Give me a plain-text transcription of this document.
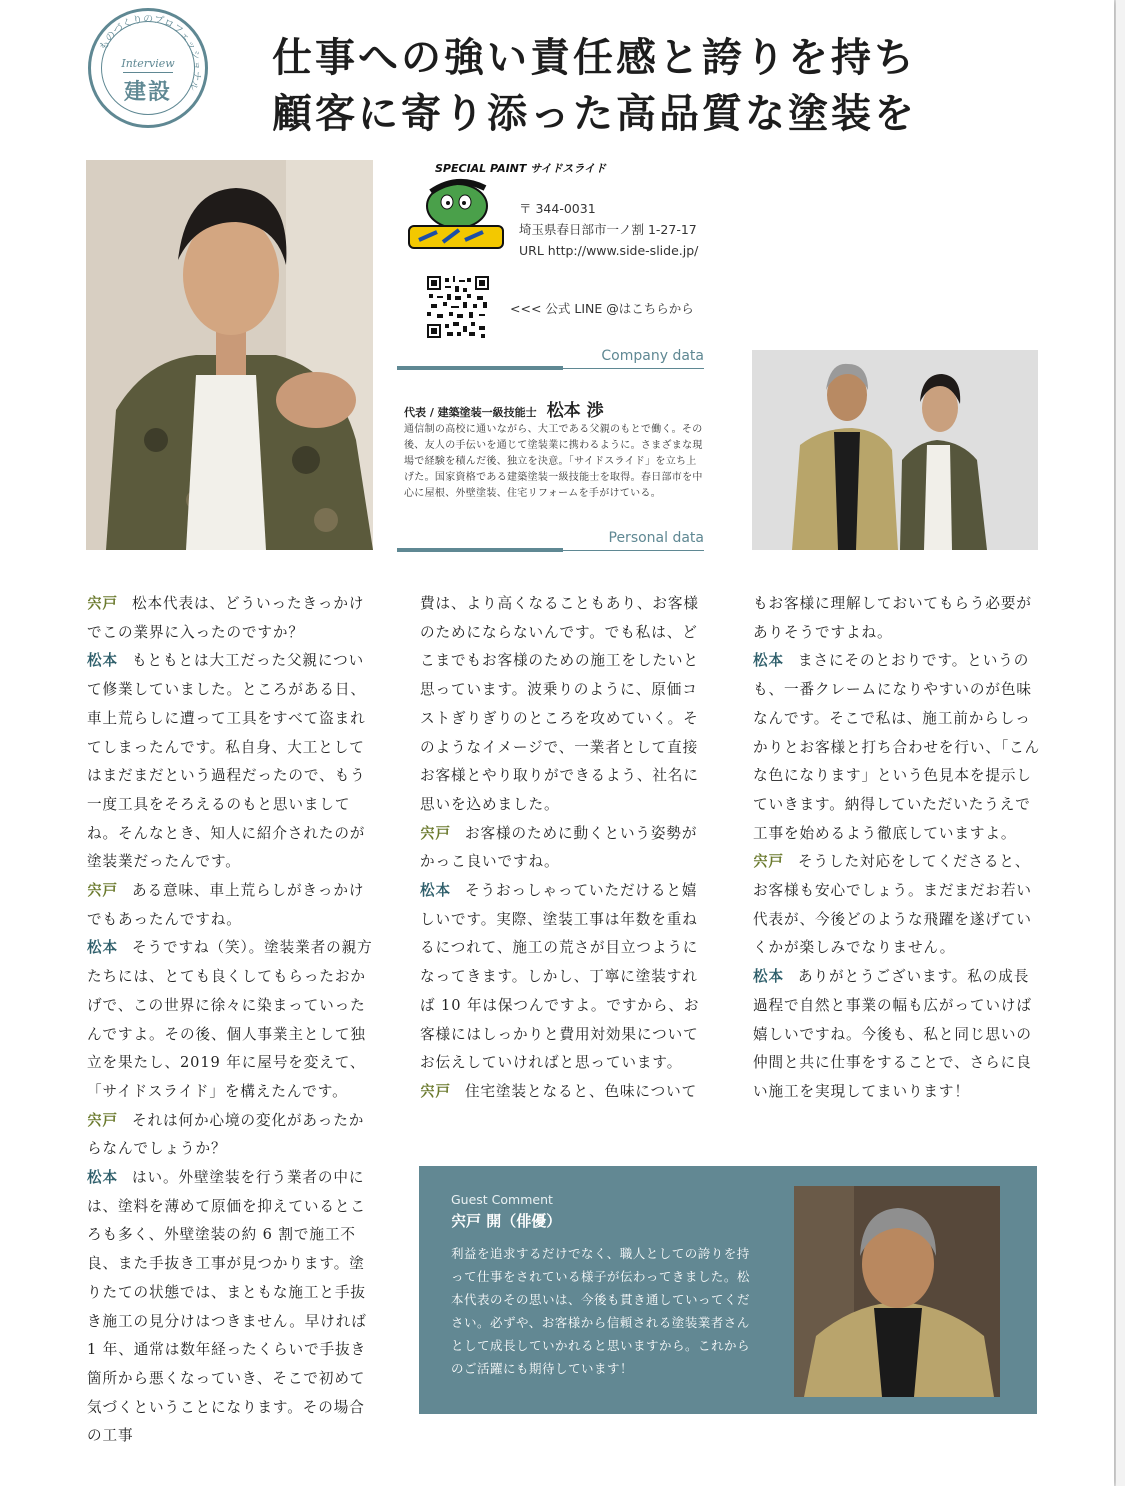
ものづくりのプロフェッショナル
Interview
建設
仕事への強い責任感と誇りを持ち
顧客に寄り添った高品質な塗装を
SPECIAL PAINT サイドスライド
〒 344-0031
埼玉県春日部市一ノ割 1-27-17
URL http://www.side-slide.jp/
<<< 公式 LINE @はこちらから
Company data
代表 / 建築塗装一級技能士 松本 渉
通信制の高校に通いながら、大工である父親のもとで働く。その後、友人の手伝いを通じて塗装業に携わるように。さまざまな現場で経験を積んだ後、独立を決意。「サイドスライド」を立ち上げた。国家資格である建築塗装一級技能士を取得。春日部市を中心に屋根、外壁塗装、住宅リフォームを手がけている。
Personal data

宍戸 松本代表は、どういったきっかけでこの業界に入ったのですか？

松本 もともとは大工だった父親について修業していました。ところがある日、車上荒らしに遭って工具をすべて盗まれてしまったんです。私自身、大工としてはまだまだという過程だったので、もう一度工具をそろえるのもと思いましてね。そんなとき、知人に紹介されたのが塗装業だったんです。

宍戸 ある意味、車上荒らしがきっかけでもあったんですね。

松本 そうですね（笑）。塗装業者の親方たちには、とても良くしてもらったおかげで、この世界に徐々に染まっていったんですよ。その後、個人事業主として独立を果たし、2019 年に屋号を変えて、「サイドスライド」を構えたんです。

宍戸 それは何か心境の変化があったからなんでしょうか？

松本 はい。外壁塗装を行う業者の中には、塗料を薄めて原価を抑えているところも多く、外壁塗装の約 6 割で施工不良、また手抜き工事が見つかります。塗りたての状態では、まともな施工と手抜き施工の見分けはつきません。早ければ 1 年、通常は数年経ったくらいで手抜き箇所から悪くなっていき、そこで初めて気づくということになります。その場合の工事

費は、より高くなることもあり、お客様のためにならないんです。でも私は、どこまでもお客様のための施工をしたいと思っています。波乗りのように、原価コストぎりぎりのところを攻めていく。そのようなイメージで、一業者として直接お客様とやり取りができるよう、社名に思いを込めました。

宍戸 お客様のために動くという姿勢がかっこ良いですね。

松本 そうおっしゃっていただけると嬉しいです。実際、塗装工事は年数を重ねるにつれて、施工の荒さが目立つようになってきます。しかし、丁寧に塗装すれば 10 年は保つんですよ。ですから、お客様にはしっかりと費用対効果についてお伝えしていければと思っています。

宍戸 住宅塗装となると、色味について

もお客様に理解しておいてもらう必要がありそうですよね。

松本 まさにそのとおりです。というのも、一番クレームになりやすいのが色味なんです。そこで私は、施工前からしっかりとお客様と打ち合わせを行い、「こんな色になります」という色見本を提示していきます。納得していただいたうえで工事を始めるよう徹底していますよ。

宍戸 そうした対応をしてくださると、お客様も安心でしょう。まだまだお若い代表が、今後どのような飛躍を遂げていくかが楽しみでなりません。

松本 ありがとうございます。私の成長過程で自然と事業の幅も広がっていけば嬉しいですね。今後も、私と同じ思いの仲間と共に仕事をすることで、さらに良い施工を実現してまいります！

Guest Comment
宍戸 開（俳優）
利益を追求するだけでなく、職人としての誇りを持って仕事をされている様子が伝わってきました。松本代表のその思いは、今後も貫き通していってください。必ずや、お客様から信頼される塗装業者さんとして成長していかれると思いますから。これからのご活躍にも期待しています！
